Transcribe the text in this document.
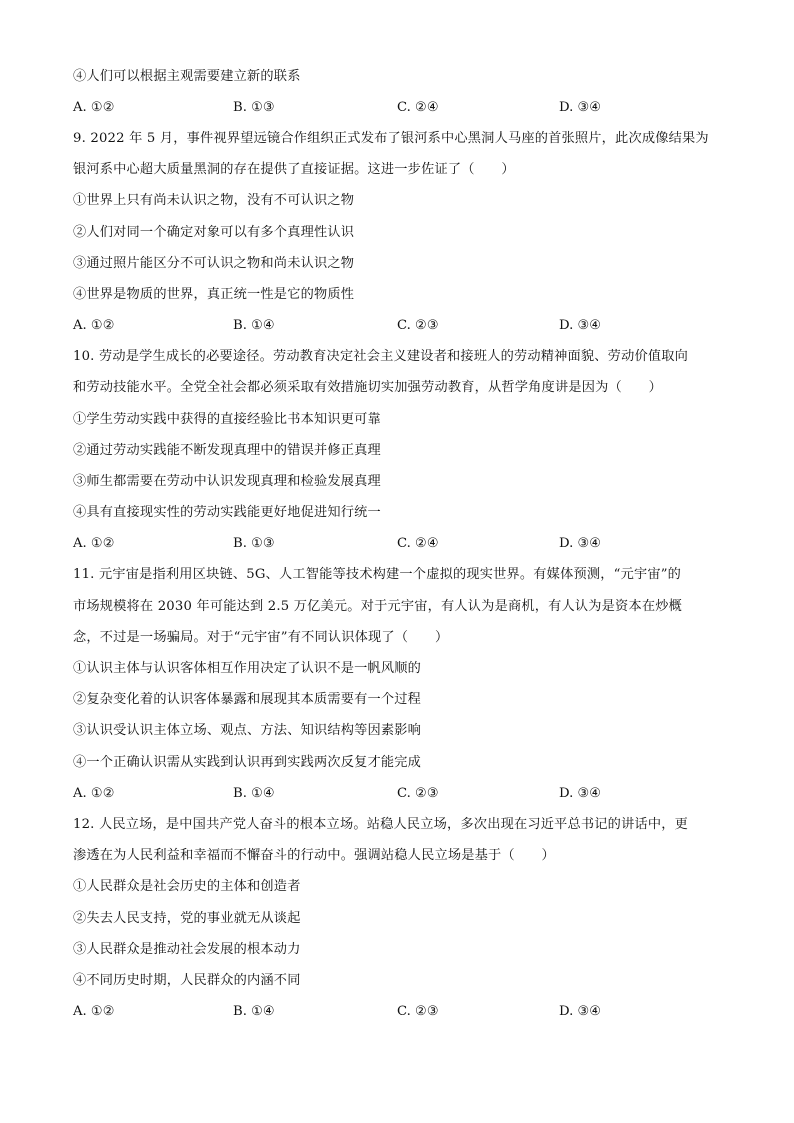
④人们可以根据主观需要建立新的联系
A. ①②	B. ①③	C. ②④	D. ③④
9. 2022 年 5 月，事件视界望远镜合作组织正式发布了银河系中心黑洞人马座的首张照片，此次成像结果为
银河系中心超大质量黑洞的存在提供了直接证据。这进一步佐证了（　　）
①世界上只有尚未认识之物，没有不可认识之物
②人们对同一个确定对象可以有多个真理性认识
③通过照片能区分不可认识之物和尚未认识之物
④世界是物质的世界，真正统一性是它的物质性
A. ①②	B. ①④	C. ②③	D. ③④
10. 劳动是学生成长的必要途径。劳动教育决定社会主义建设者和接班人的劳动精神面貌、劳动价值取向
和劳动技能水平。全党全社会都必须采取有效措施切实加强劳动教育，从哲学角度讲是因为（　　）
①学生劳动实践中获得的直接经验比书本知识更可靠
②通过劳动实践能不断发现真理中的错误并修正真理
③师生都需要在劳动中认识发现真理和检验发展真理
④具有直接现实性的劳动实践能更好地促进知行统一
A. ①②	B. ①③	C. ②④	D. ③④
11. 元宇宙是指利用区块链、5G、人工智能等技术构建一个虚拟的现实世界。有媒体预测，“元宇宙”的
市场规模将在 2030 年可能达到 2.5 万亿美元。对于元宇宙，有人认为是商机，有人认为是资本在炒概
念，不过是一场骗局。对于“元宇宙”有不同认识体现了（　　）
①认识主体与认识客体相互作用决定了认识不是一帆风顺的
②复杂变化着的认识客体暴露和展现其本质需要有一个过程
③认识受认识主体立场、观点、方法、知识结构等因素影响
④一个正确认识需从实践到认识再到实践两次反复才能完成
A. ①②	B. ①④	C. ②③	D. ③④
12. 人民立场，是中国共产党人奋斗的根本立场。站稳人民立场，多次出现在习近平总书记的讲话中，更
渗透在为人民利益和幸福而不懈奋斗的行动中。强调站稳人民立场是基于（　　）
①人民群众是社会历史的主体和创造者
②失去人民支持，党的事业就无从谈起
③人民群众是推动社会发展的根本动力
④不同历史时期，人民群众的内涵不同
A. ①②	B. ①④	C. ②③	D. ③④
